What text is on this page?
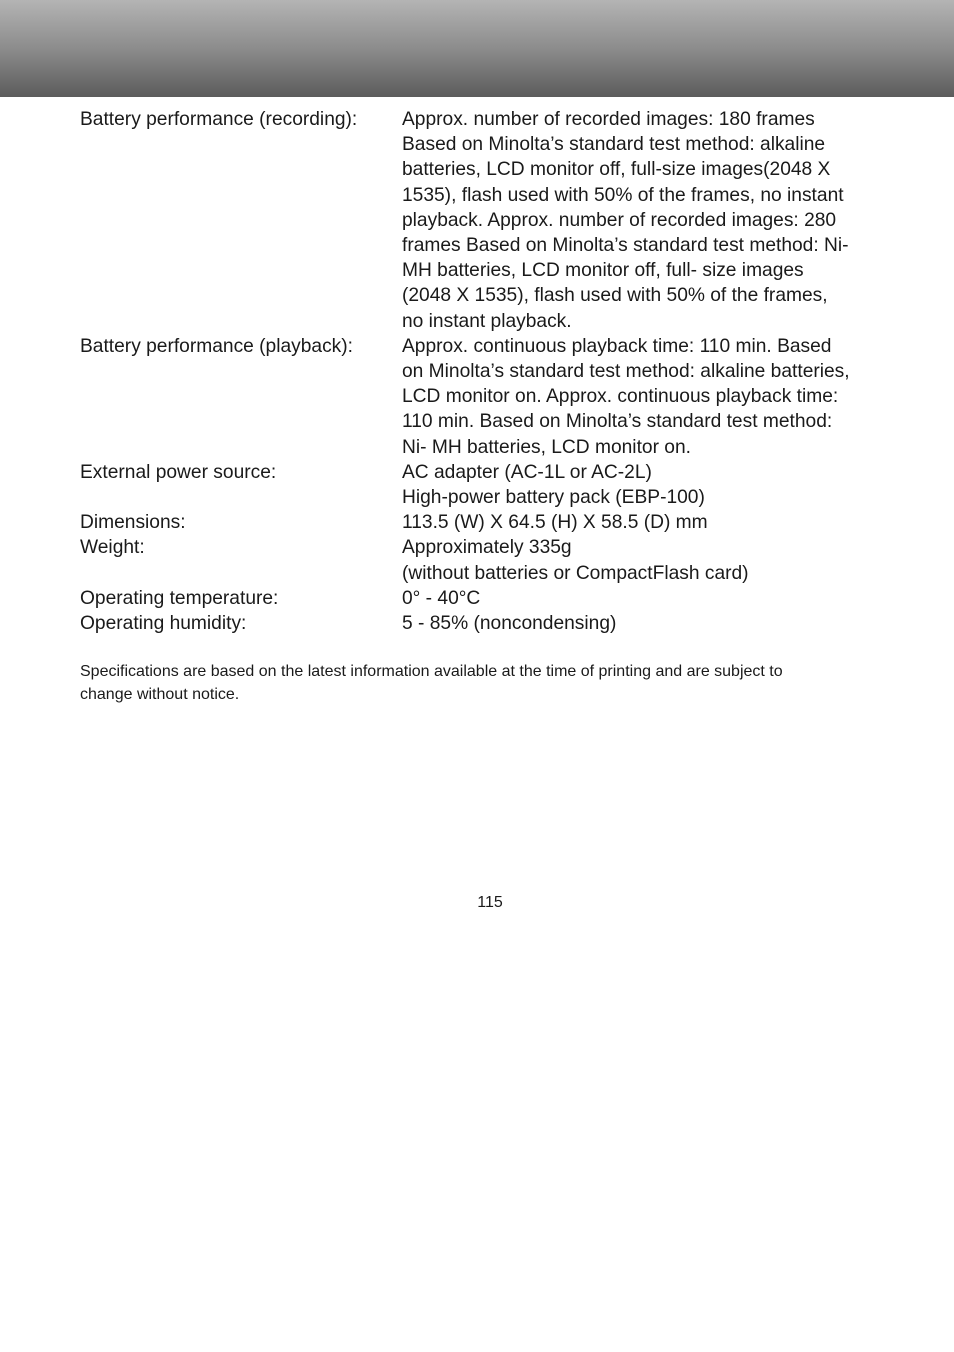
Battery performance (recording):	Approx. number of recorded images: 180 frames
Based on Minolta’s standard test method: alkaline
batteries, LCD monitor off, full-size images(2048 X
1535), flash used with 50% of the frames, no instant
playback. Approx. number of recorded images: 280
frames Based on Minolta’s standard test method: Ni-
MH batteries, LCD monitor off, full- size images
(2048 X 1535), flash used with 50% of the frames,
no instant playback.
Battery performance (playback):	Approx. continuous playback time: 110 min. Based
on Minolta’s standard test method: alkaline batteries,
LCD monitor on. Approx. continuous playback time:
110 min. Based on Minolta’s standard test method:
Ni- MH batteries, LCD monitor on.
External power source:	AC adapter (AC-1L or AC-2L)
High-power battery pack (EBP-100)
Dimensions:	113.5 (W) X 64.5 (H) X 58.5 (D) mm
Weight:	Approximately 335g
(without batteries or CompactFlash card)
Operating temperature:	0° - 40°C
Operating humidity:	5 - 85% (noncondensing)
Specifications are based on the latest information available at the time of printing and are subject to
change without notice.
115
